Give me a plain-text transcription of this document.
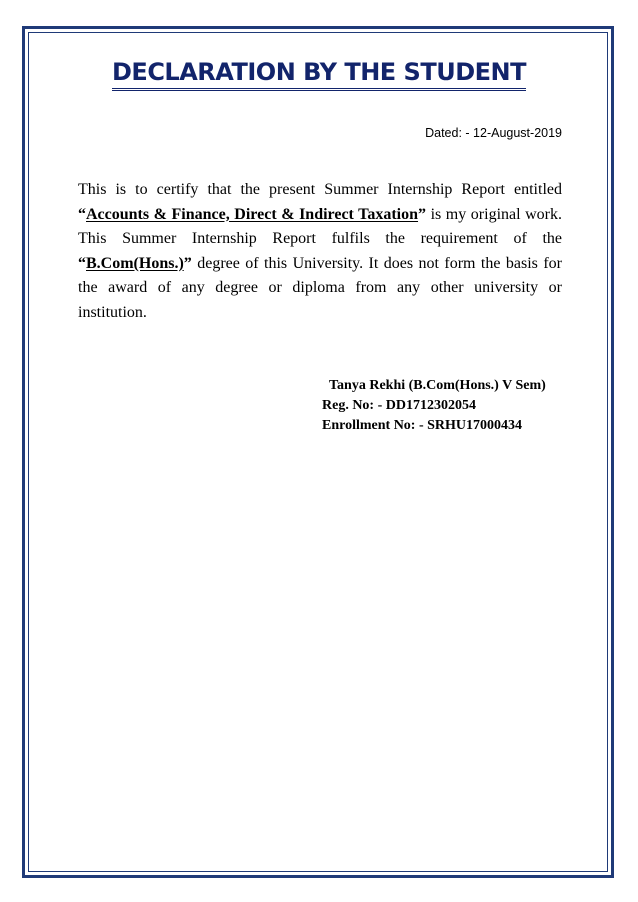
DECLARATION BY THE STUDENT
Dated: - 12-August-2019

This is to certify that the present Summer Internship Report entitled “Accounts & Finance, Direct & Indirect Taxation” is my original work. This Summer Internship Report fulfils the requirement of the “B.Com(Hons.)” degree of this University. It does not form the basis for the award of any degree or diploma from any other university or institution.

Tanya Rekhi (B.Com(Hons.) V Sem)
Reg. No: - DD1712302054
Enrollment No: - SRHU17000434
